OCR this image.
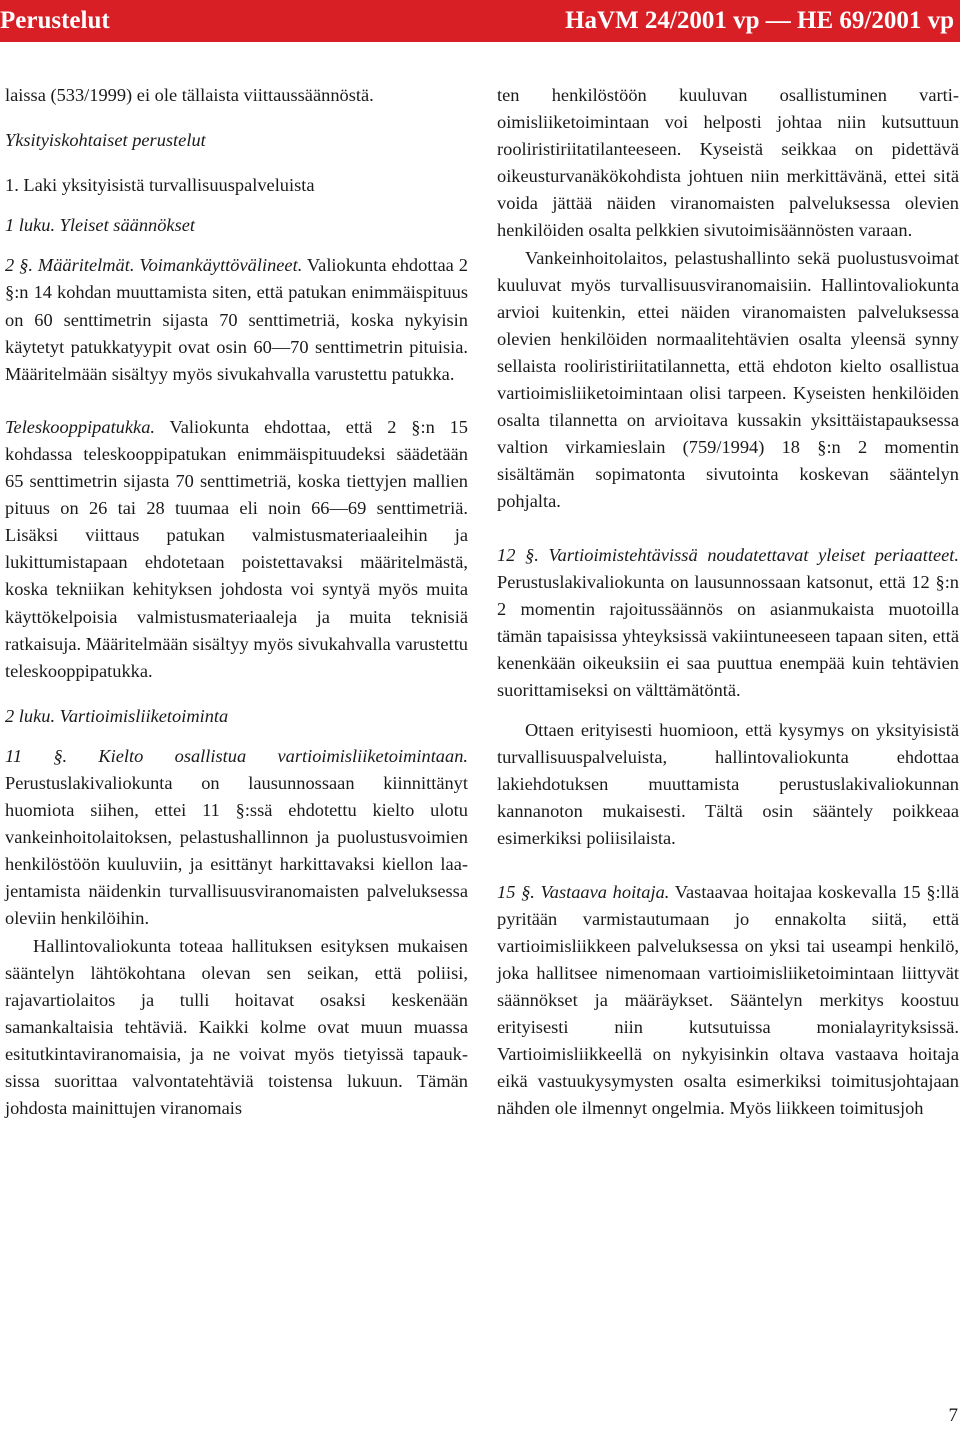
Perustelut	HaVM 24/2001 vp — HE 69/2001 vp

laissa (533/1999) ei ole tällaista viittaussäännöstä.

Yksityiskohtaiset perustelut

1. Laki yksityisistä turvallisuuspalveluista

1 luku. Yleiset säännökset

2 §. Määritelmät. Voimankäyttövälineet. Valiokunta ehdottaa 2 §:n 14 kohdan muuttamista siten, että patukan enimmäispituus on 60 senttimetrin sijasta 70 senttimetriä, koska nykyisin käytetyt patukkatyypit ovat osin 60—70 senttimetrin pituisia. Määritelmään sisältyy myös sivukahvalla varustettu patukka.

Teleskooppipatukka. Valiokunta ehdottaa, että 2 §:n 15 kohdassa teleskooppipatukan enimmäispituudeksi säädetään 65 senttimetrin sijasta 70 senttimetriä, koska tiettyjen mallien pituus on 26 tai 28 tuumaa eli noin 66—69 senttimetriä. Lisäksi viittaus patukan valmistusmateriaaleihin ja lukittumistapaan ehdotetaan poistettavaksi määritelmästä, koska tekniikan kehityksen johdosta voi syntyä myös muita käyttökelpoisia valmistusmateriaaleja ja muita teknisiä ratkaisuja. Määritelmään sisältyy myös sivukahvalla varustettu teleskooppipatukka.

2 luku. Vartioimisliiketoiminta

11 §. Kielto osallistua vartioimisliiketoimintaan. Perustuslakivaliokunta on lausunnossaan kiinnittänyt huomiota siihen, ettei 11 §:ssä ehdotettu kielto ulotu vankeinhoitolaitoksen, pelastushallinnon ja puolustusvoimien henkilöstöön kuuluviin, ja esittänyt harkittavaksi kiellon laajentamista näidenkin turvallisuusviranomaisten palveluksessa oleviin henkilöihin.

Hallintovaliokunta toteaa hallituksen esityksen mukaisen sääntelyn lähtökohtana olevan sen seikan, että poliisi, rajavartiolaitos ja tulli hoitavat osaksi keskenään samankaltaisia tehtäviä. Kaikki kolme ovat muun muassa esitutkintaviranomaisia, ja ne voivat myös tietyissä tapauksissa suorittaa valvontatehtäviä toistensa lukuun. Tämän johdosta mainittujen viranomais

ten henkilöstöön kuuluvan osallistuminen vartioimisliiketoimintaan voi helposti johtaa niin kutsuttuun rooliristiriitatilanteeseen. Kyseistä seikkaa on pidettävä oikeusturvanäkökohdista johtuen niin merkittävänä, ettei sitä voida jättää näiden viranomaisten palveluksessa olevien henkilöiden osalta pelkkien sivutoimisäännösten varaan.

Vankeinhoitolaitos, pelastushallinto sekä puolustusvoimat kuuluvat myös turvallisuusviranomaisiin. Hallintovaliokunta arvioi kuitenkin, ettei näiden viranomaisten palveluksessa olevien henkilöiden normaalitehtävien osalta yleensä synny sellaista rooliristiriitatilannetta, että ehdoton kielto osallistua vartioimisliiketoimintaan olisi tarpeen. Kyseisten henkilöiden osalta tilannetta on arvioitava kussakin yksittäistapauksessa valtion virkamieslain (759/1994) 18 §:n 2 momentin sisältämän sopimatonta sivutointa koskevan sääntelyn pohjalta.

12 §. Vartioimistehtävissä noudatettavat yleiset periaatteet. Perustuslakivaliokunta on lausunnossaan katsonut, että 12 §:n 2 momentin rajoitussäännös on asianmukaista muotoilla tämän tapaisissa yhteyksissä vakiintuneeseen tapaan siten, että kenenkään oikeuksiin ei saa puuttua enempää kuin tehtävien suorittamiseksi on välttämätöntä.

Ottaen erityisesti huomioon, että kysymys on yksityisistä turvallisuuspalveluista, hallintovaliokunta ehdottaa lakiehdotuksen muuttamista perustuslakivaliokunnan kannanoton mukaisesti. Tältä osin sääntely poikkeaa esimerkiksi poliisilaista.

15 §. Vastaava hoitaja. Vastaavaa hoitajaa koskevalla 15 §:llä pyritään varmistautumaan jo ennakolta siitä, että vartioimisliikkeen palveluksessa on yksi tai useampi henkilö, joka hallitsee nimenomaan vartioimisliiketoimintaan liittyvät säännökset ja määräykset. Sääntelyn merkitys koostuu erityisesti niin kutsutuissa monialayrityksissä. Vartioimisliikkeellä on nykyisinkin oltava vastaava hoitaja eikä vastuukysymysten osalta esimerkiksi toimitusjohtajaan nähden ole ilmennyt ongelmia. Myös liikkeen toimitusjoh

7
